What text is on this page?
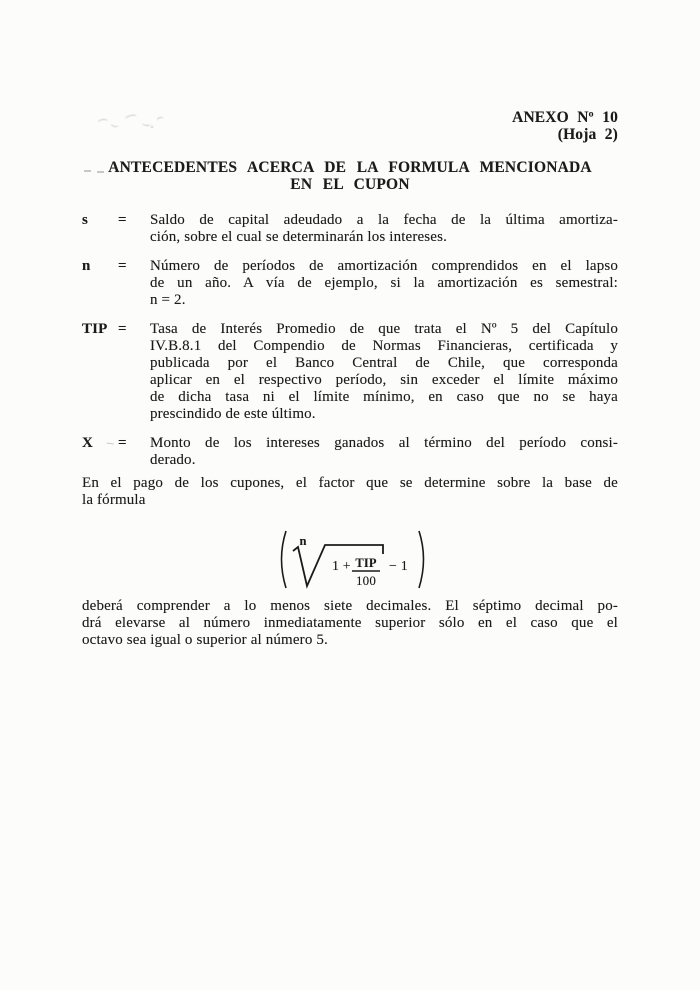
ANEXO Nº 10
(Hoja 2)
ANTECEDENTES ACERCA DE LA FORMULA MENCIONADA
EN EL CUPON
s	=	Saldo de capital adeudado a la fecha de la última amortiza-
ción, sobre el cual se determinarán los intereses.
n	=	Número de períodos de amortización comprendidos en el lapso
de un año. A vía de ejemplo, si la amortización es semestral:
n = 2.
TIP =	Tasa de Interés Promedio de que trata el Nº 5 del Capítulo
IV.B.8.1 del Compendio de Normas Financieras, certificada y
publicada por el Banco Central de Chile, que corresponda
aplicar en el respectivo período, sin exceder el límite máximo
de dicha tasa ni el límite mínimo, en caso que no se haya
prescindido de este último.
X	=	Monto de los intereses ganados al término del período consi-
derado.
En el pago de los cupones, el factor que se determine sobre la base de
la fórmula
n
1 + TIP
100
− 1
deberá comprender a lo menos siete decimales. El séptimo decimal po-
drá elevarse al número inmediatamente superior sólo en el caso que el
octavo sea igual o superior al número 5.
